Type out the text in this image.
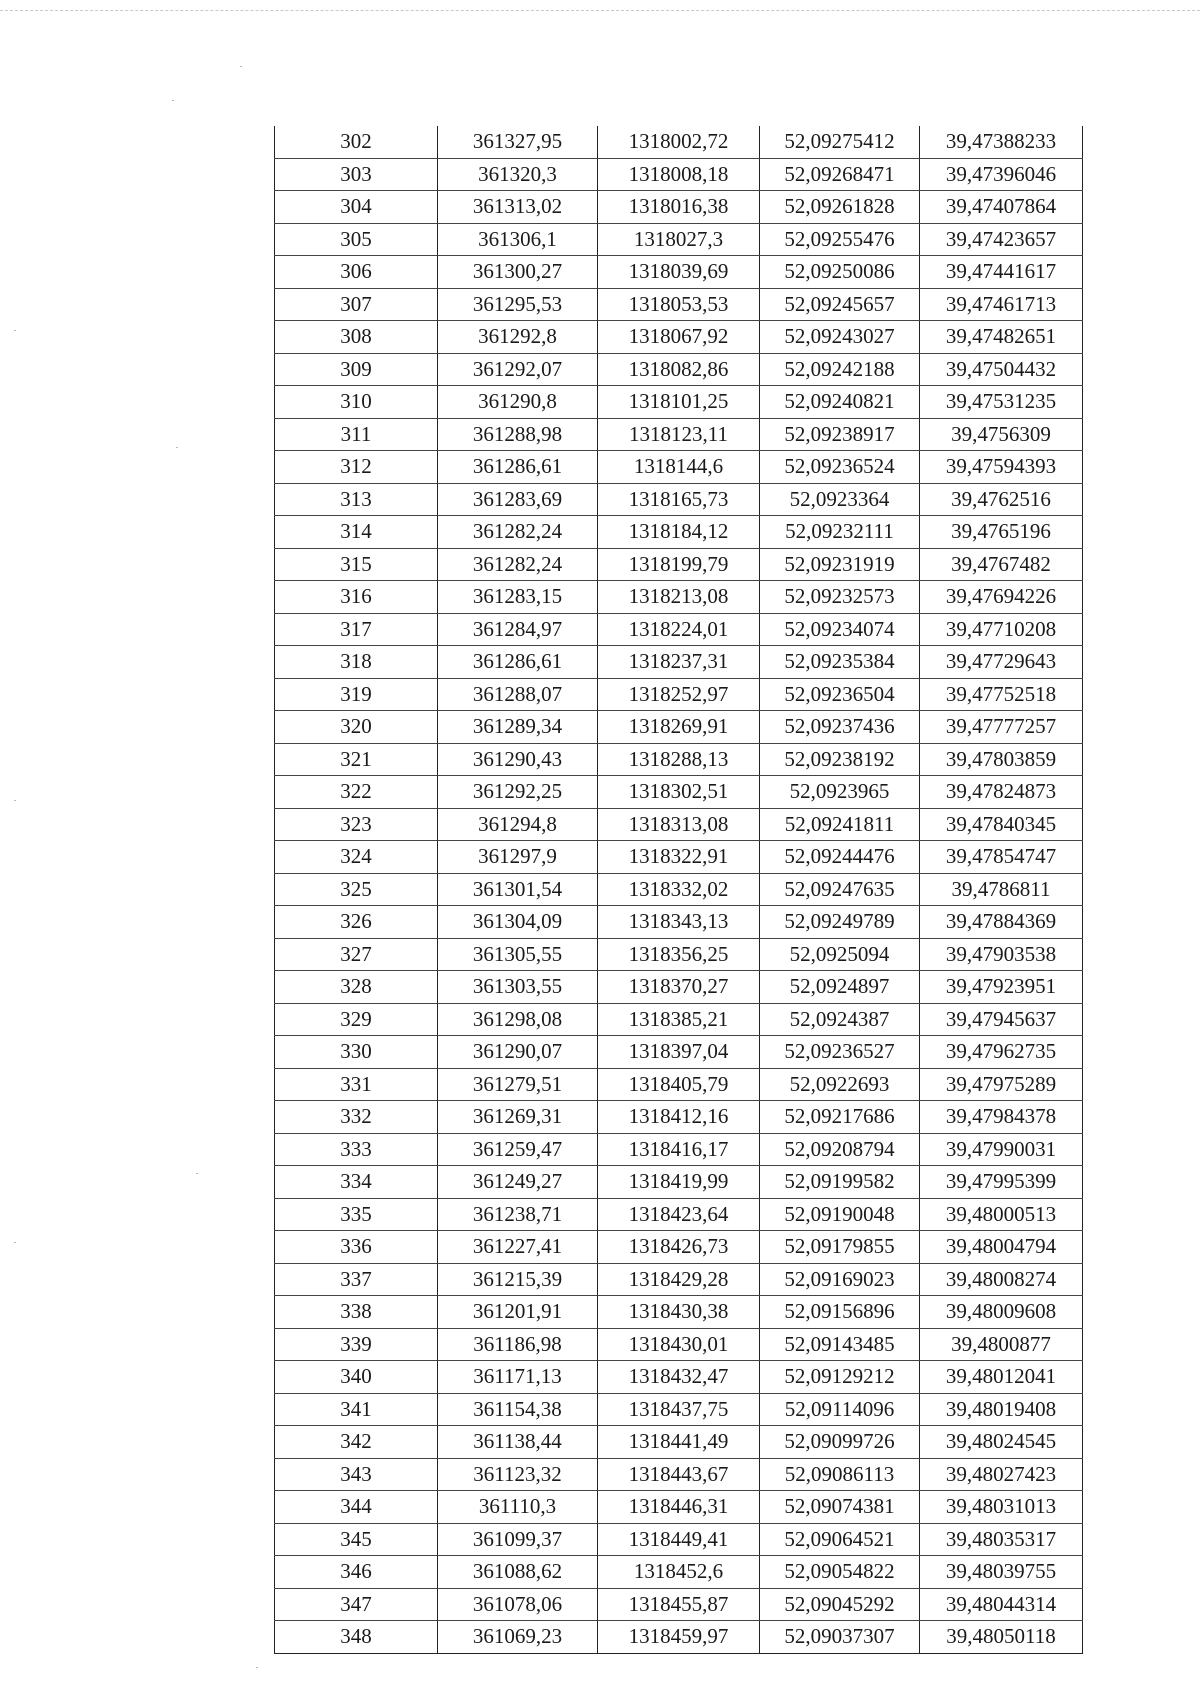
302	361327,95	1318002,72	52,09275412	39,47388233
303	361320,3	1318008,18	52,09268471	39,47396046
304	361313,02	1318016,38	52,09261828	39,47407864
305	361306,1	1318027,3	52,09255476	39,47423657
306	361300,27	1318039,69	52,09250086	39,47441617
307	361295,53	1318053,53	52,09245657	39,47461713
308	361292,8	1318067,92	52,09243027	39,47482651
309	361292,07	1318082,86	52,09242188	39,47504432
310	361290,8	1318101,25	52,09240821	39,47531235
311	361288,98	1318123,11	52,09238917	39,4756309
312	361286,61	1318144,6	52,09236524	39,47594393
313	361283,69	1318165,73	52,0923364	39,4762516
314	361282,24	1318184,12	52,09232111	39,4765196
315	361282,24	1318199,79	52,09231919	39,4767482
316	361283,15	1318213,08	52,09232573	39,47694226
317	361284,97	1318224,01	52,09234074	39,47710208
318	361286,61	1318237,31	52,09235384	39,47729643
319	361288,07	1318252,97	52,09236504	39,47752518
320	361289,34	1318269,91	52,09237436	39,47777257
321	361290,43	1318288,13	52,09238192	39,47803859
322	361292,25	1318302,51	52,0923965	39,47824873
323	361294,8	1318313,08	52,09241811	39,47840345
324	361297,9	1318322,91	52,09244476	39,47854747
325	361301,54	1318332,02	52,09247635	39,4786811
326	361304,09	1318343,13	52,09249789	39,47884369
327	361305,55	1318356,25	52,0925094	39,47903538
328	361303,55	1318370,27	52,0924897	39,47923951
329	361298,08	1318385,21	52,0924387	39,47945637
330	361290,07	1318397,04	52,09236527	39,47962735
331	361279,51	1318405,79	52,0922693	39,47975289
332	361269,31	1318412,16	52,09217686	39,47984378
333	361259,47	1318416,17	52,09208794	39,47990031
334	361249,27	1318419,99	52,09199582	39,47995399
335	361238,71	1318423,64	52,09190048	39,48000513
336	361227,41	1318426,73	52,09179855	39,48004794
337	361215,39	1318429,28	52,09169023	39,48008274
338	361201,91	1318430,38	52,09156896	39,48009608
339	361186,98	1318430,01	52,09143485	39,4800877
340	361171,13	1318432,47	52,09129212	39,48012041
341	361154,38	1318437,75	52,09114096	39,48019408
342	361138,44	1318441,49	52,09099726	39,48024545
343	361123,32	1318443,67	52,09086113	39,48027423
344	361110,3	1318446,31	52,09074381	39,48031013
345	361099,37	1318449,41	52,09064521	39,48035317
346	361088,62	1318452,6	52,09054822	39,48039755
347	361078,06	1318455,87	52,09045292	39,48044314
348	361069,23	1318459,97	52,09037307	39,48050118
